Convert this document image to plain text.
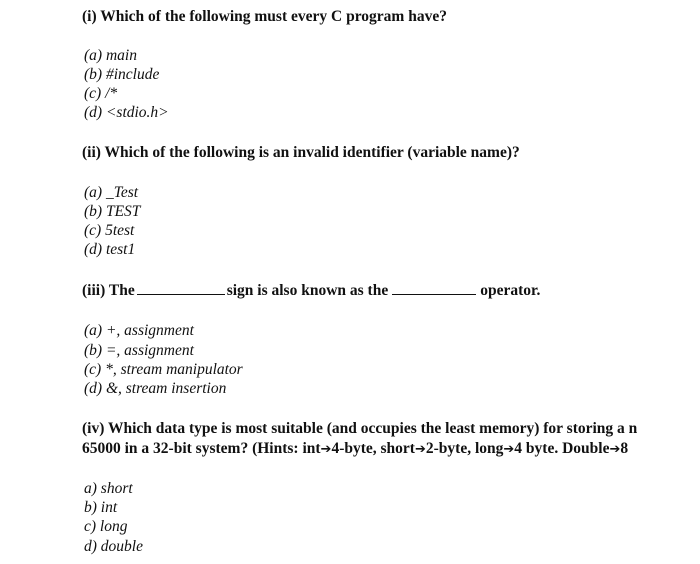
(i) Which of the following must every C program have?
(a) main
(b) #include
(c) /*
(d) <stdio.h>
(ii) Which of the following is an invalid identifier (variable name)?
(a) _Test
(b) TEST
(c) 5test
(d) test1
(iii) The	sign is also known as the	operator.
(a) +, assignment
(b) =, assignment
(c) *, stream manipulator
(d) &, stream insertion
(iv) Which data type is most suitable (and occupies the least memory) for storing a n
65000 in a 32-bit system? (Hints: int➔4-byte, short➔2-byte, long➔4 byte. Double➔8
a) short
b) int
c) long
d) double
